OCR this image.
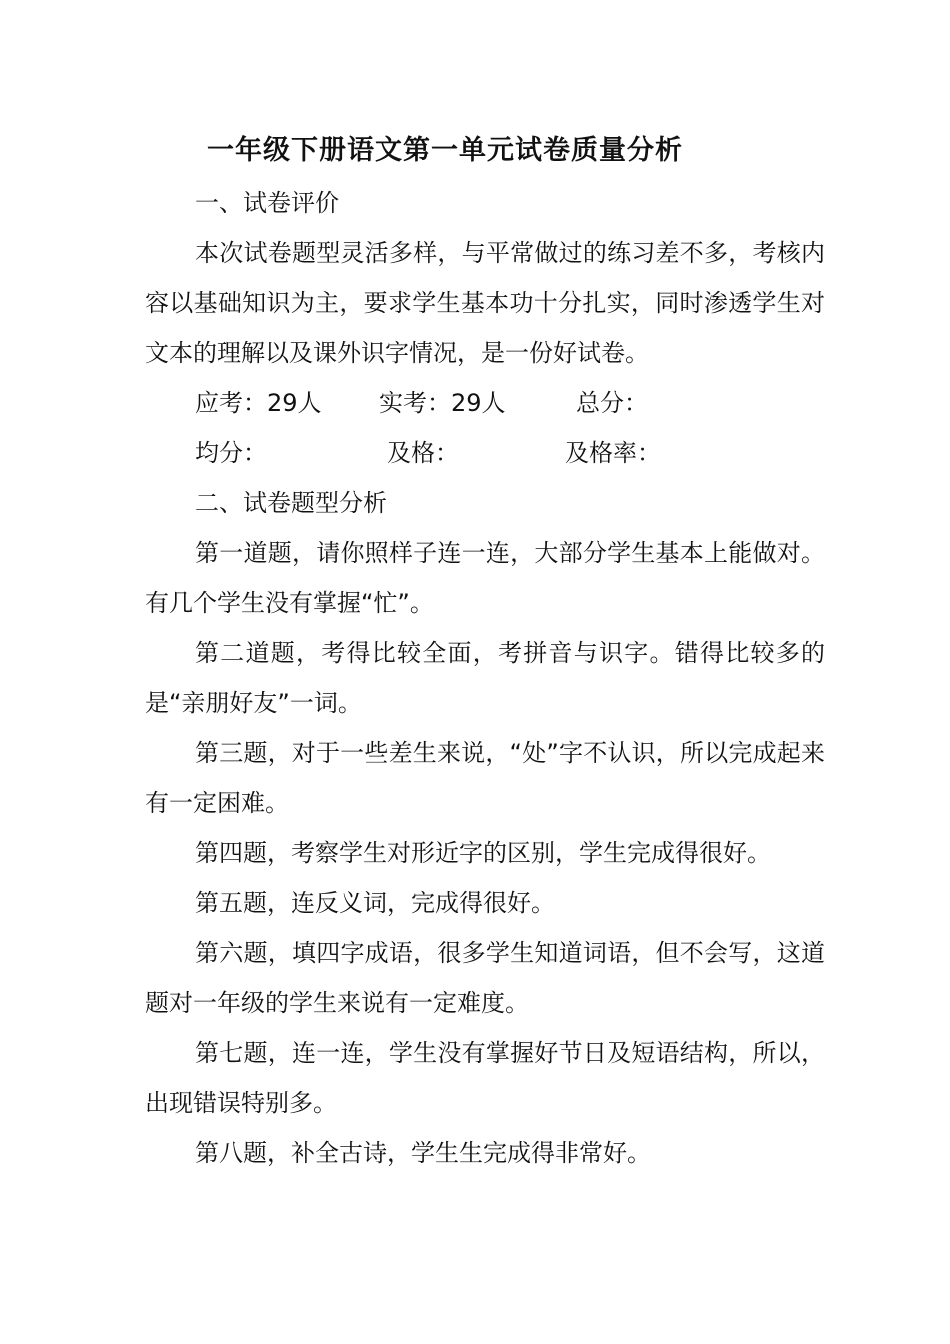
一年级下册语文第一单元试卷质量分析

一、试卷评价

本次试卷题型灵活多样，与平常做过的练习差不多，考核内容以基础知识为主，要求学生基本功十分扎实，同时渗透学生对文本的理解以及课外识字情况，是一份好试卷。

应考：29人 实考：29人	总分：
均分：	及格：	及格率：

二、试卷题型分析

第一道题，请你照样子连一连，大部分学生基本上能做对。有几个学生没有掌握“忙”。

第二道题，考得比较全面，考拼音与识字。错得比较多的是“亲朋好友”一词。

第三题，对于一些差生来说，“处”字不认识，所以完成起来有一定困难。

第四题，考察学生对形近字的区别，学生完成得很好。

第五题，连反义词，完成得很好。

第六题，填四字成语，很多学生知道词语，但不会写，这道题对一年级的学生来说有一定难度。

第七题，连一连，学生没有掌握好节日及短语结构，所以，出现错误特别多。

第八题，补全古诗，学生生完成得非常好。
